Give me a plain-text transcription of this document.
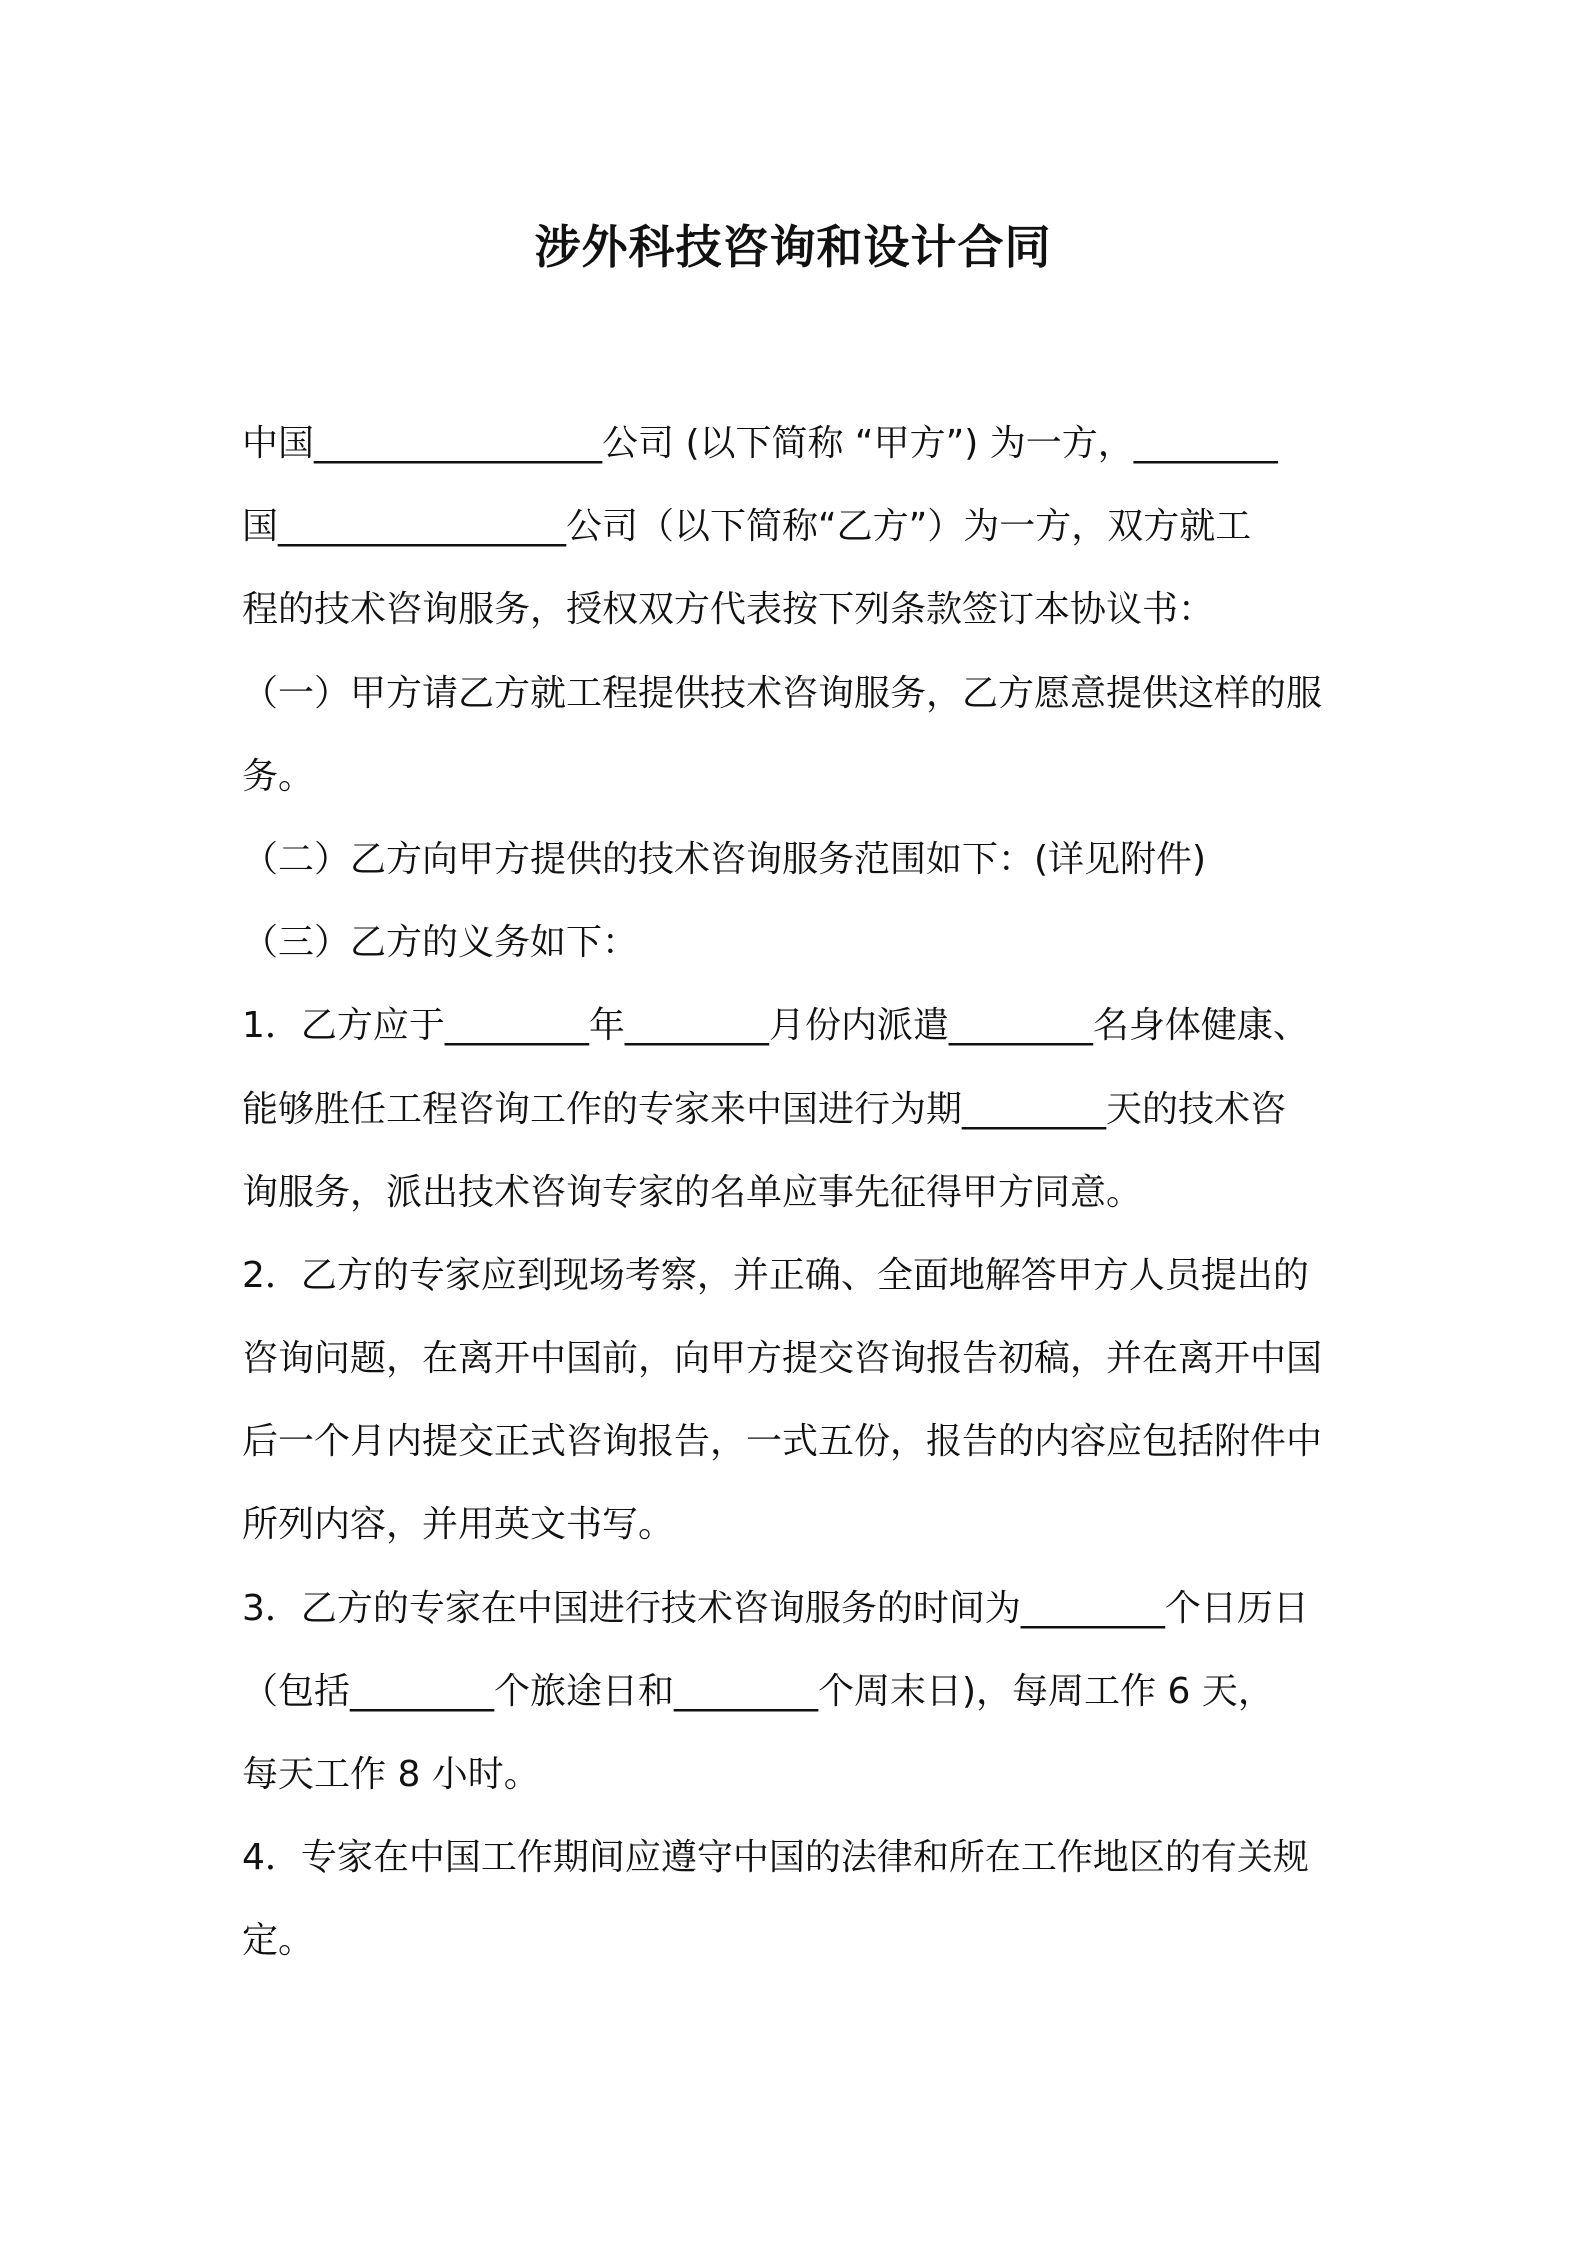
涉外科技咨询和设计合同
中国________________公司 (以下简称 “甲方”) 为一方，________
国________________公司（以下简称“乙方”）为一方，双方就工
程的技术咨询服务，授权双方代表按下列条款签订本协议书：
（一）甲方请乙方就工程提供技术咨询服务，乙方愿意提供这样的服
务。
（二）乙方向甲方提供的技术咨询服务范围如下：(详见附件)
（三）乙方的义务如下：
1．乙方应于________年________月份内派遣________名身体健康、
能够胜任工程咨询工作的专家来中国进行为期________天的技术咨
询服务，派出技术咨询专家的名单应事先征得甲方同意。
2．乙方的专家应到现场考察，并正确、全面地解答甲方人员提出的
咨询问题，在离开中国前，向甲方提交咨询报告初稿，并在离开中国
后一个月内提交正式咨询报告，一式五份，报告的内容应包括附件中
所列内容，并用英文书写。
3．乙方的专家在中国进行技术咨询服务的时间为________个日历日
（包括________个旅途日和________个周末日)，每周工作 6 天，
每天工作 8 小时。
4．专家在中国工作期间应遵守中国的法律和所在工作地区的有关规
定。
